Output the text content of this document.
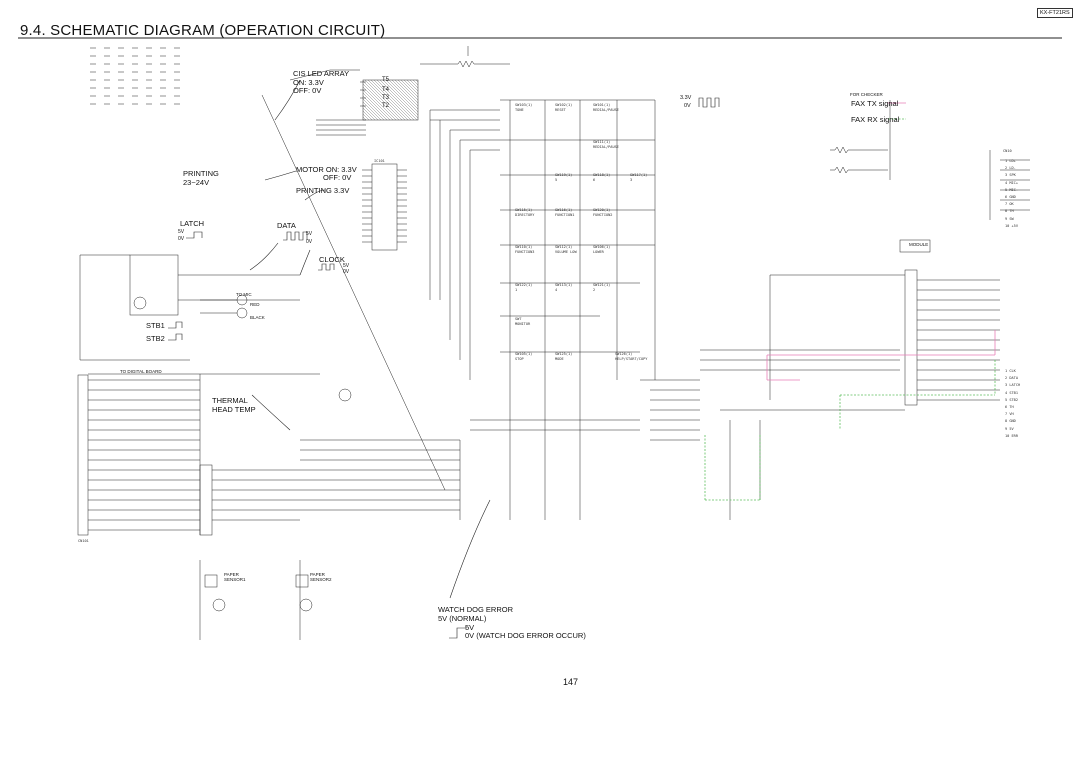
9.4. SCHEMATIC DIAGRAM (OPERATION CIRCUIT)
KX-FT21RS
CIS LED ARRAY
ON: 3.3V
OFF: 0V
T5
T4
T3
T2
MOTOR ON: 3.3V
OFF: 0V
PRINTING 3.3V
PRINTING
23~24V
LATCH
5V
0V
DATA
5V
0V
CLOCK
5V
0V
STB1
STB2
THERMAL
HEAD TEMP
WATCH DOG ERROR
5V (NORMAL)
5V
0V (WATCH DOG ERROR OCCUR)
3.3V
0V
FOR CHECKER
FAX TX signal
FAX RX signal
TO DIGITAL BOARD
PAPER
SENSOR1
PAPER
SENSOR2
MODULE
TO MIC
RED
BLACK
IC101
CN101
CN10
SW103(1)
TONE
SW102(1)
RESET
SW101(1)
REDIAL/PAUSE
SW111(1)
REDIAL/PAUSE
SW119(1)
5
SW118(1)
6
SW117(1)
3
SW115(1)
DIRECTORY
SW116(1)
FUNCTION1
SW120(1)
FUNCTION2
SW110(1)
FUNCTION3
SW112(1)
VOLUME LOW
SW106(1)
LOWER
SW113(1)
4
SW121(1)
2
SW122(1)
1
SW7
MONITOR
SW105(1)
STOP
SW125(1)
MODE
SW126(1)
HELP/START/COPY
1 LD+
2 LD-
3 SPK
4 MIC+
5 MIC-
6 GND
7 OK
8 TH
9 SW
10 +5V
1 CLK
2 DATA
3 LATCH
4 STB1
5 STB2
6 TH
7 VH
8 GND
9 5V
10 ERR
147
